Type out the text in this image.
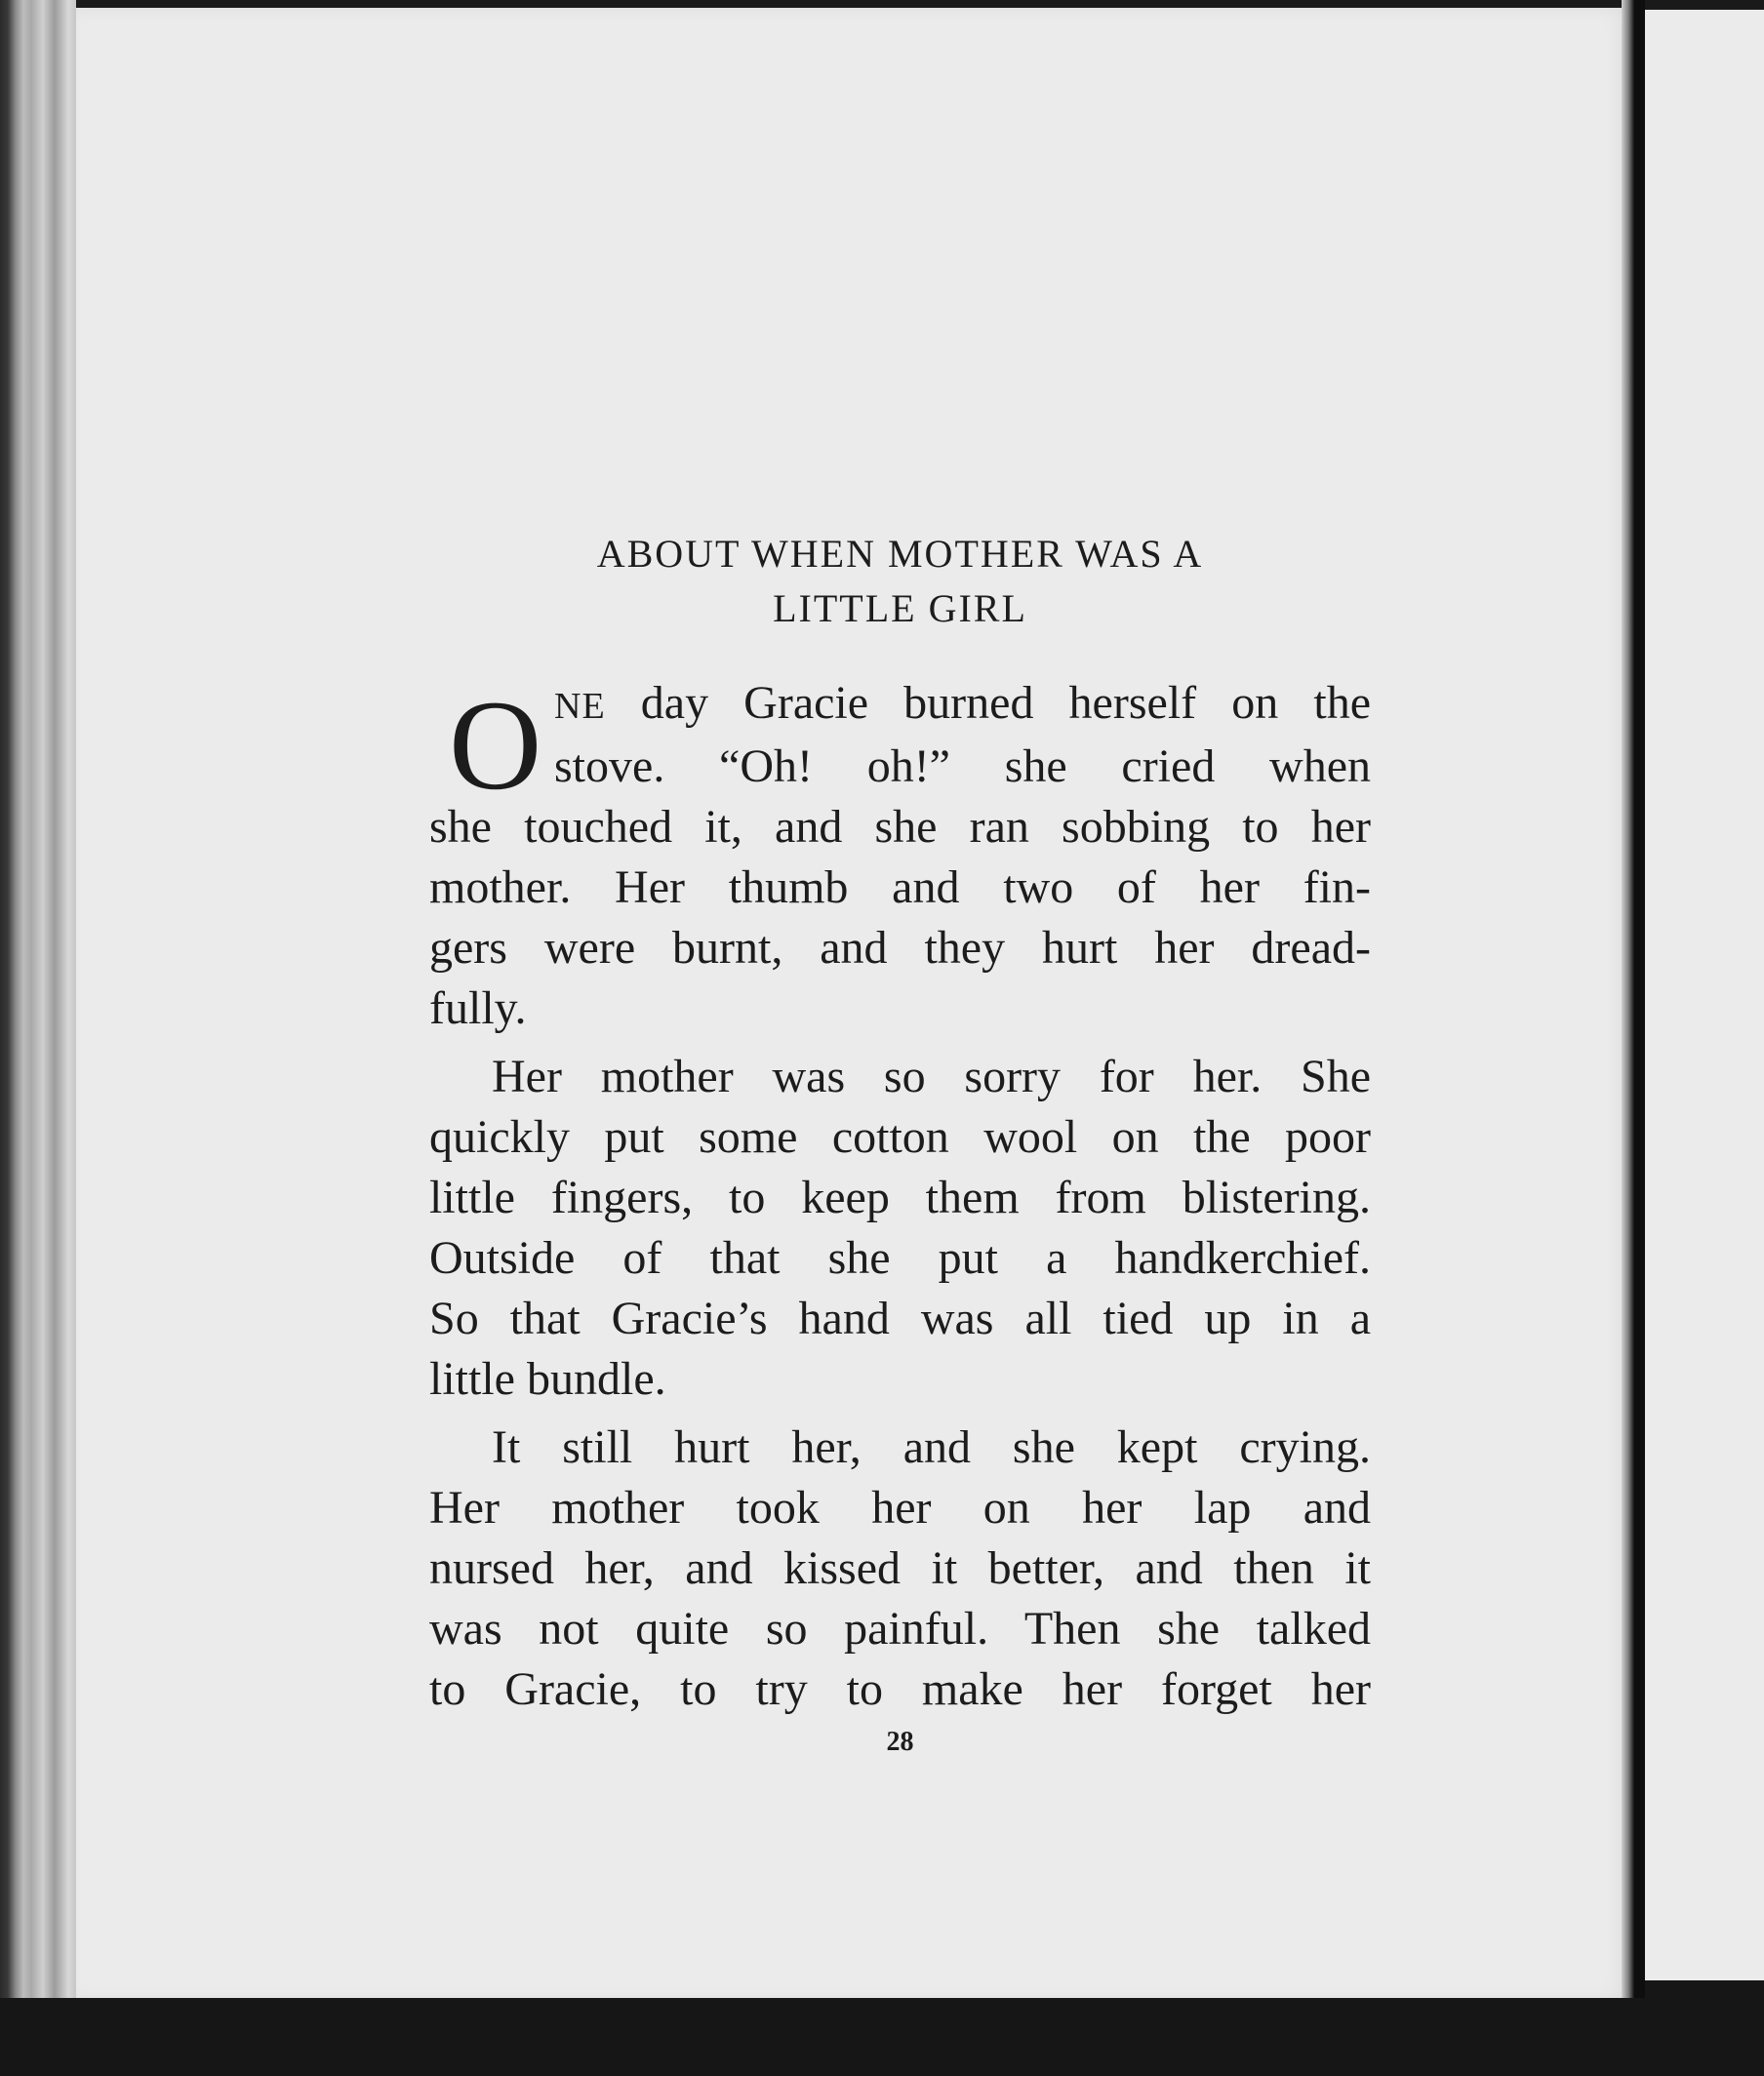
ABOUT WHEN MOTHER WAS A
LITTLE GIRL
O NE day Gracie burned herself on the
stove. “Oh! oh!” she cried when
she touched it, and she ran sobbing to her
mother. Her thumb and two of her fin-
gers were burnt, and they hurt her dread-
fully.

Her mother was so sorry for her. She
quickly put some cotton wool on the poor
little fingers, to keep them from blistering.
Outside of that she put a handkerchief.
So that Gracie’s hand was all tied up in a
little bundle.

It still hurt her, and she kept crying.
Her mother took her on her lap and
nursed her, and kissed it better, and then it
was not quite so painful. Then she talked
to Gracie, to try to make her forget her

28
